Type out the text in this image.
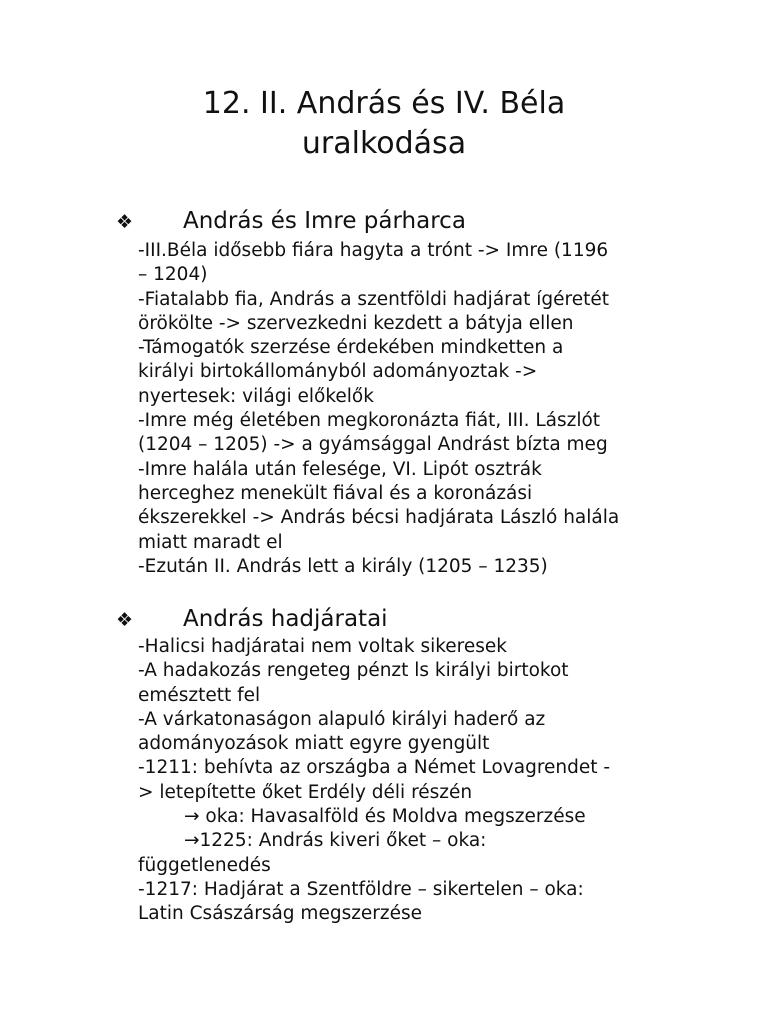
12. II. András és IV. Béla
uralkodása
❖ András és Imre párharca
-III.Béla idősebb fiára hagyta a trónt -> Imre (1196
– 1204)
-Fiatalabb fia, András a szentföldi hadjárat ígéretét
örökölte -> szervezkedni kezdett a bátyja ellen
-Támogatók szerzése érdekében mindketten a
királyi birtokállományból adományoztak ->
nyertesek: világi előkelők
-Imre még életében megkoronázta fiát, III. Lászlót
(1204 – 1205) -> a gyámsággal Andrást bízta meg
-Imre halála után felesége, VI. Lipót osztrák
herceghez menekült fiával és a koronázási
ékszerekkel -> András bécsi hadjárata László halála
miatt maradt el
-Ezután II. András lett a király (1205 – 1235)
❖ András hadjáratai
-Halicsi hadjáratai nem voltak sikeresek
-A hadakozás rengeteg pénzt ls királyi birtokot
emésztett fel
-A várkatonaságon alapuló királyi haderő az
adományozások miatt egyre gyengült
-1211: behívta az országba a Német Lovagrendet -
> letepítette őket Erdély déli részén
→ oka: Havasalföld és Moldva megszerzése
→1225: András kiveri őket – oka:
függetlenedés
-1217: Hadjárat a Szentföldre – sikertelen – oka:
Latin Császárság megszerzése
